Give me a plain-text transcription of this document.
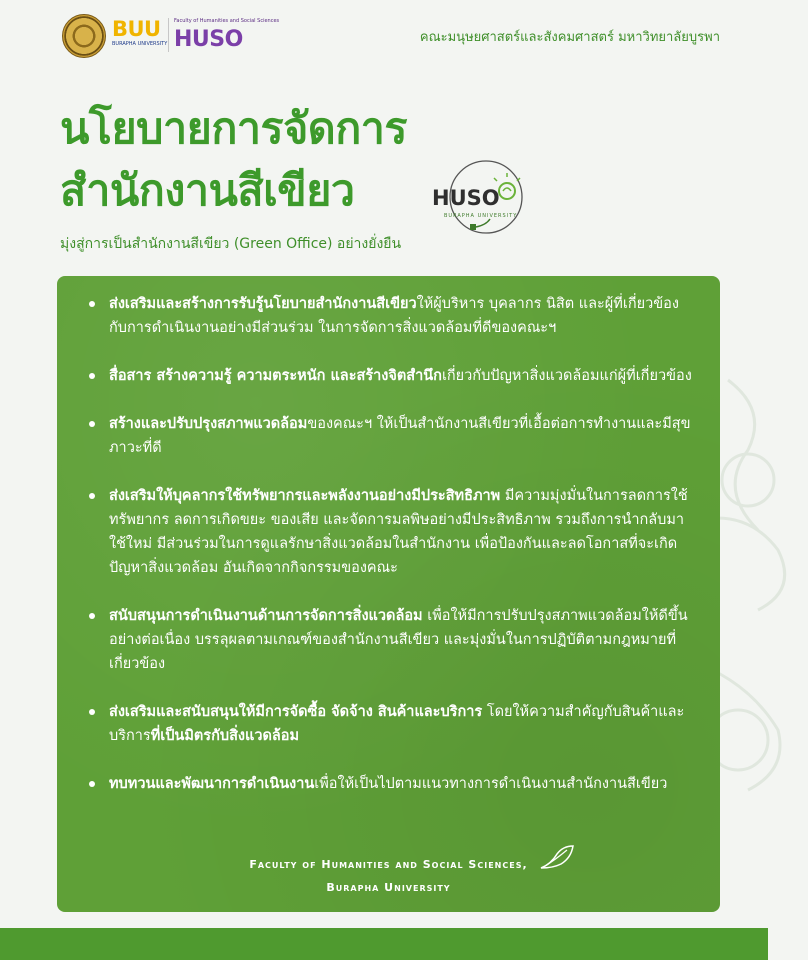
BUU
BURAPHA UNIVERSITY
Faculty of Humanities and Social Sciences
HUSO	คณะมนุษยศาสตร์และสังคมศาสตร์ มหาวิทยาลัยบูรพา
นโยบายการจัดการ
สำนักงานสีเขียว
มุ่งสู่การเป็นสำนักงานสีเขียว (Green Office) อย่างยั่งยืน
HUSO
BURAPHA UNIVERSITY
ส่งเสริมและสร้างการรับรู้นโยบายสำนักงานสีเขียวให้ผู้บริหาร บุคลากร นิสิต และผู้ที่เกี่ยวข้องกับการดำเนินงานอย่างมีส่วนร่วม ในการจัดการสิ่งแวดล้อมที่ดีของคณะฯ
สื่อสาร สร้างความรู้ ความตระหนัก และสร้างจิตสำนึกเกี่ยวกับปัญหาสิ่งแวดล้อมแก่ผู้ที่เกี่ยวข้อง
สร้างและปรับปรุงสภาพแวดล้อมของคณะฯ ให้เป็นสำนักงานสีเขียวที่เอื้อต่อการทำงานและมีสุขภาวะที่ดี
ส่งเสริมให้บุคลากรใช้ทรัพยากรและพลังงานอย่างมีประสิทธิภาพ มีความมุ่งมั่นในการลดการใช้ทรัพยากร ลดการเกิดขยะ ของเสีย และจัดการมลพิษอย่างมีประสิทธิภาพ รวมถึงการนำกลับมาใช้ใหม่ มีส่วนร่วมในการดูแลรักษาสิ่งแวดล้อมในสำนักงาน เพื่อป้องกันและลดโอกาสที่จะเกิดปัญหาสิ่งแวดล้อม อันเกิดจากกิจกรรมของคณะ
สนับสนุนการดำเนินงานด้านการจัดการสิ่งแวดล้อม เพื่อให้มีการปรับปรุงสภาพแวดล้อมให้ดีขึ้นอย่างต่อเนื่อง บรรลุผลตามเกณฑ์ของสำนักงานสีเขียว และมุ่งมั่นในการปฏิบัติตามกฎหมายที่เกี่ยวข้อง
ส่งเสริมและสนับสนุนให้มีการจัดซื้อ จัดจ้าง สินค้าและบริการ โดยให้ความสำคัญกับสินค้าและบริการที่เป็นมิตรกับสิ่งแวดล้อม
ทบทวนและพัฒนาการดำเนินงานเพื่อให้เป็นไปตามแนวทางการดำเนินงานสำนักงานสีเขียว
Faculty of Humanities and Social Sciences,
Burapha University
